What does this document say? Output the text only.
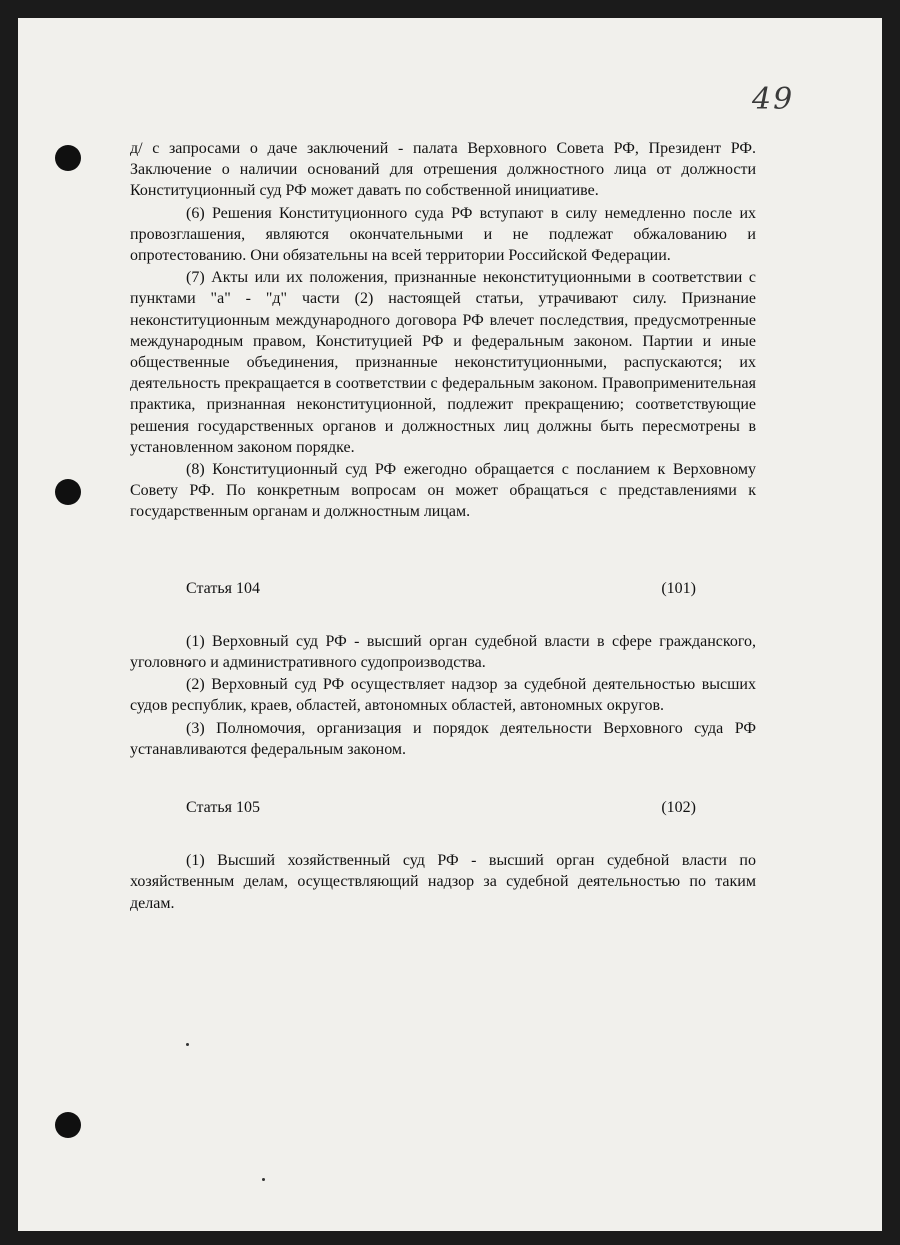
49

д/ с запросами о даче заключений - палата Верховного Совета РФ, Президент РФ. Заключение о наличии оснований для отрешения должностного лица от должности Конституционный суд РФ может давать по собственной инициативе.

(6) Решения Конституционного суда РФ вступают в силу немедленно после их провозглашения, являются окончательными и не подлежат обжалованию и опротестованию. Они обязательны на всей территории Российской Федерации.

(7) Акты или их положения, признанные неконституционными в соответствии с пунктами "а" - "д" части (2) настоящей статьи, утрачивают силу. Признание неконституционным международного договора РФ влечет последствия, предусмотренные международным правом, Конституцией РФ и федеральным законом. Партии и иные общественные объединения, признанные неконституционными, распускаются; их деятельность прекращается в соответствии с федеральным законом. Правоприменительная практика, признанная неконституционной, подлежит прекращению; соответствующие решения государственных органов и должностных лиц должны быть пересмотрены в установленном законом порядке.

(8) Конституционный суд РФ ежегодно обращается с посланием к Верховному Совету РФ. По конкретным вопросам он может обращаться с представлениями к государственным органам и должностным лицам.

Статья 104	(101)

(1) Верховный суд РФ - высший орган судебной власти в сфере гражданского, уголовного и административного судопроизводства.

(2) Верховный суд РФ осуществляет надзор за судебной деятельностью высших судов республик, краев, областей, автономных областей, автономных округов.

(3) Полномочия, организация и порядок деятельности Верховного суда РФ устанавливаются федеральным законом.

Статья 105	(102)

(1) Высший хозяйственный суд РФ - высший орган судебной власти по хозяйственным делам, осуществляющий надзор за судебной деятельностью по таким делам.
